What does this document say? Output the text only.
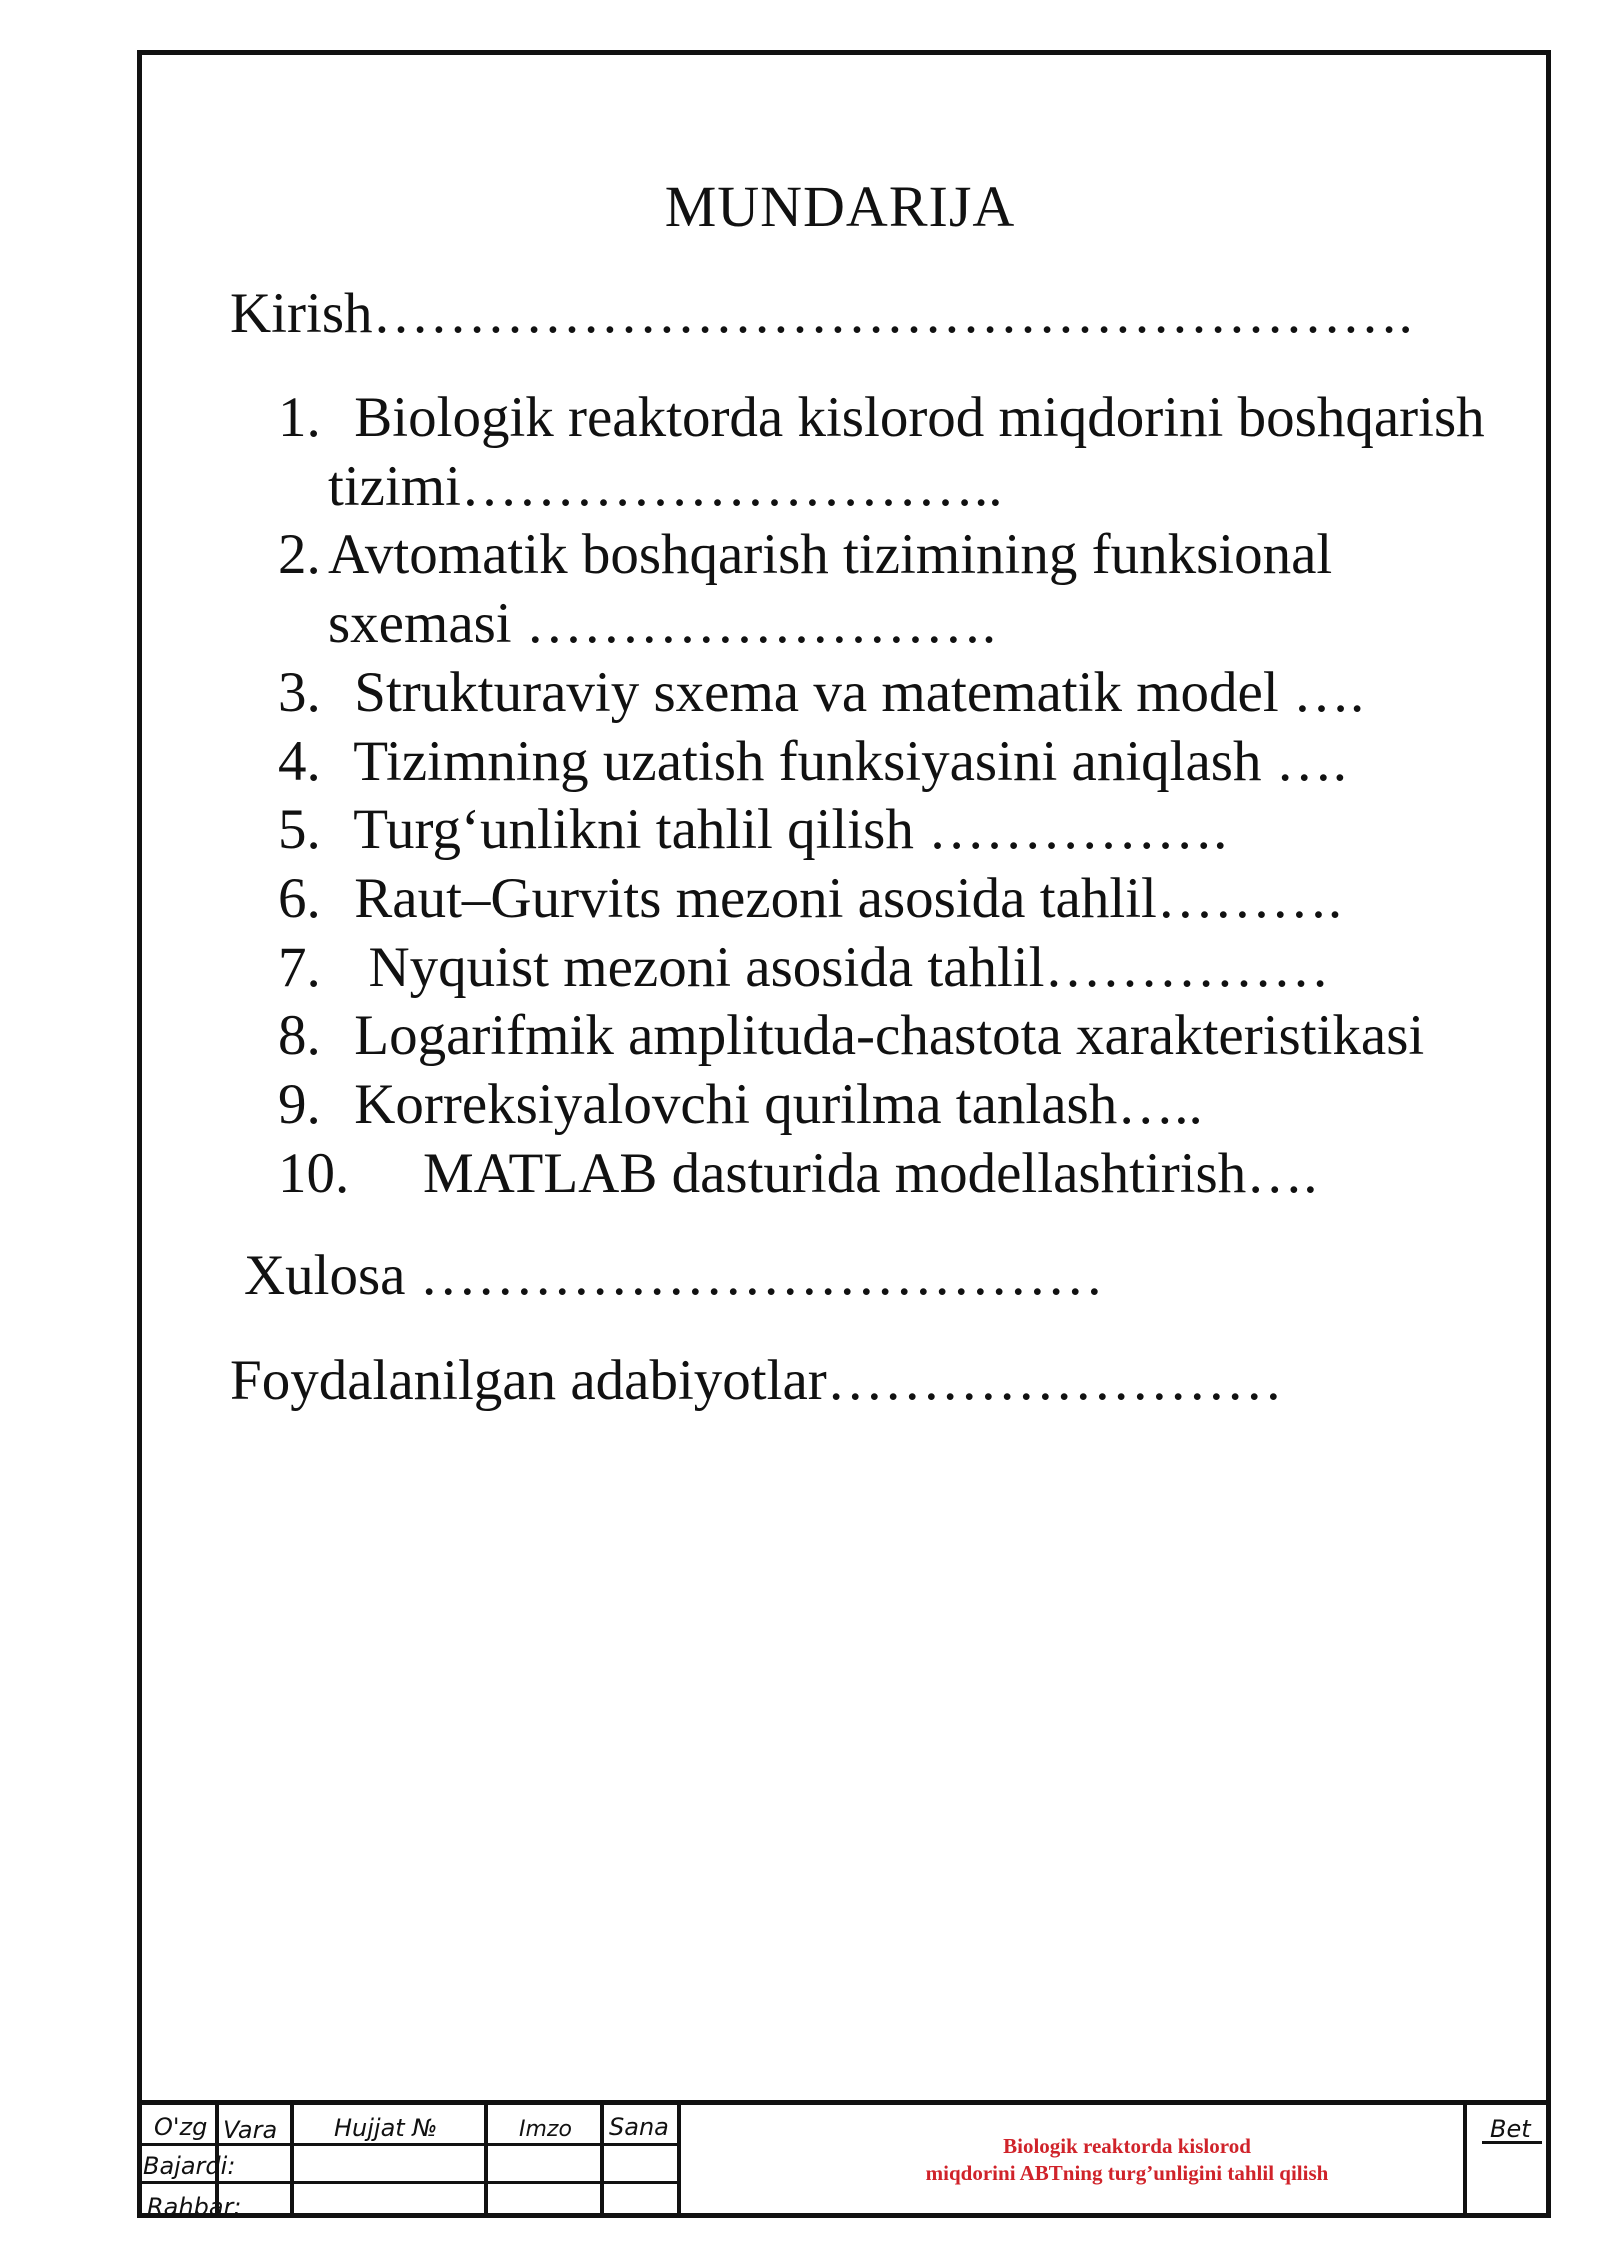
MUNDARIJA
Kirish……………………………………………….
1. Biologik reaktorda kislorod miqdorini boshqarish
tizimi………………………..
2. Avtomatik boshqarish tizimining funksional
sxemasi …………………….
3. Strukturaviy sxema va matematik model ….
4. Tizimning uzatish funksiyasini aniqlash ….
5. Turg‘unlikni tahlil qilish …………….
6. Raut–Gurvits mezoni asosida tahlil……….
7. Nyquist mezoni asosida tahlil……………
8. Logarifmik amplituda-chastota xarakteristikasi
9. Korreksiyalovchi qurilma tanlash…..
10.	MATLAB dasturida modellashtirish….
Xulosa ………………………………
Foydalanilgan adabiyotlar……………………
O'zg Vara Hujjat №	Imzo Sana
Bajardi:
Rahbar:
Biologik reaktorda kislorod
miqdorini ABTning turg’unligini tahlil qilish
Bet
